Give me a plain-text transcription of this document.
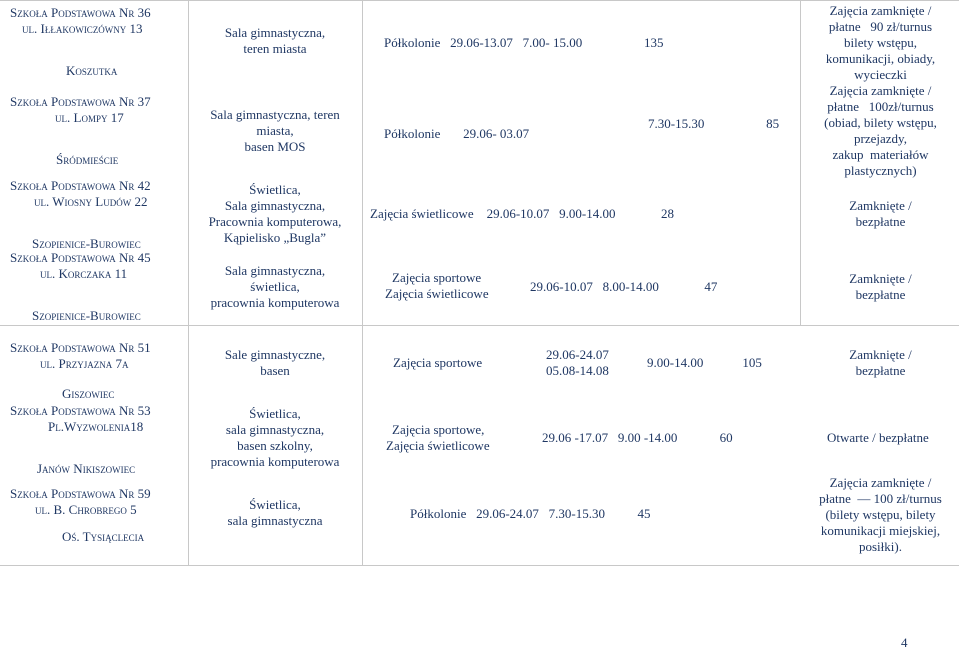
Szkoła Podstawowa Nr 36
ul. Iłłakowiczówny 13
Koszutka
Szkoła Podstawowa Nr 37
ul. Lompy 17
Śródmieście
Szkoła Podstawowa Nr 42
ul. Wiosny Ludów 22
Szopienice-Burowiec
Szkoła Podstawowa Nr 45
ul. Korczaka 11
Szopienice-Burowiec
Szkoła Podstawowa Nr 51
ul. Przyjazna 7a
Giszowiec
Szkoła Podstawowa Nr 53
Pl.Wyzwolenia18
Janów Nikiszowiec
Szkoła Podstawowa Nr 59
ul. B. Chrobrego 5
Oś. Tysiąclecia
Sala gimnastyczna,
teren miasta
Sala gimnastyczna, teren
miasta,
basen MOS
Świetlica,
Sala gimnastyczna,
Pracownia komputerowa,
Kąpielisko „Bugla”
Sala gimnastyczna,
świetlica,
pracownia komputerowa
Sale gimnastyczne,
basen
Świetlica,
sala gimnastyczna,
basen szkolny,
pracownia komputerowa
Świetlica,
sala gimnastyczna
Półkolonie   29.06-13.07   7.00- 15.00                   135
Półkolonie       29.06- 03.07
7.30-15.30                   85
Zajęcia świetlicowe    29.06-10.07   9.00-14.00              28
Zajęcia sportowe
Zajęcia świetlicowe	29.06-10.07   8.00-14.00              47
Zajęcia sportowe
29.06-24.07
05.08-14.08
9.00-14.00            105
Zajęcia sportowe,
Zajęcia świetlicowe
29.06 -17.07   9.00 -14.00             60
Półkolonie   29.06-24.07   7.30-15.30          45
Zajęcia zamknięte /
płatne   90 zł/turnus
bilety wstępu,
komunikacji, obiady,
wycieczki
Zajęcia zamknięte /
płatne   100zł/turnus
(obiad, bilety wstępu,
przejazdy,
zakup  materiałów
plastycznych)
Zamknięte /
bezpłatne
Zamknięte /
bezpłatne
Zamknięte /
bezpłatne
Otwarte / bezpłatne
Zajęcia zamknięte /
płatne  — 100 zł/turnus
(bilety wstępu, bilety
komunikacji miejskiej,
posiłki).
4
